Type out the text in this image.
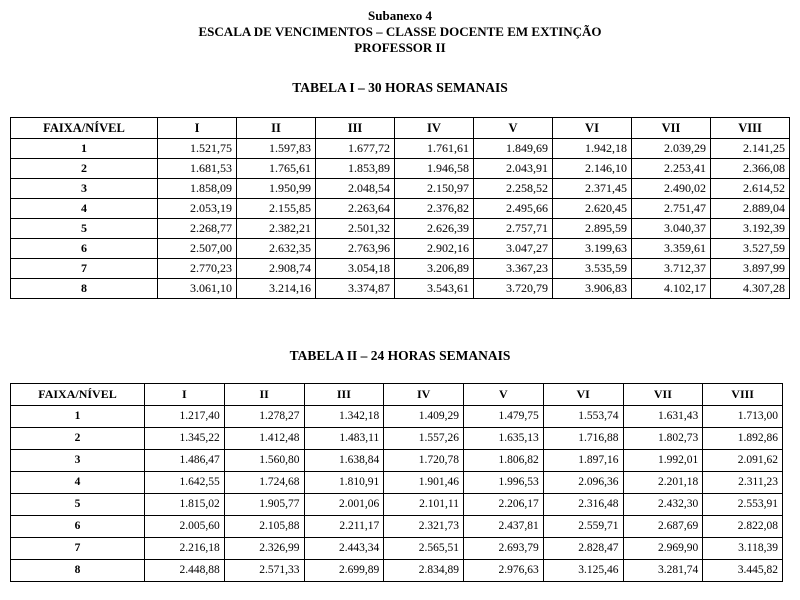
Subanexo 4
ESCALA DE VENCIMENTOS – CLASSE DOCENTE EM EXTINÇÃO
PROFESSOR II
TABELA I – 30 HORAS SEMANAIS
FAIXA/NÍVEL	I	II	III	IV	V	VI	VII	VIII
1	1.521,75	1.597,83	1.677,72	1.761,61	1.849,69	1.942,18	2.039,29	2.141,25
2	1.681,53	1.765,61	1.853,89	1.946,58	2.043,91	2.146,10	2.253,41	2.366,08
3	1.858,09	1.950,99	2.048,54	2.150,97	2.258,52	2.371,45	2.490,02	2.614,52
4	2.053,19	2.155,85	2.263,64	2.376,82	2.495,66	2.620,45	2.751,47	2.889,04
5	2.268,77	2.382,21	2.501,32	2.626,39	2.757,71	2.895,59	3.040,37	3.192,39
6	2.507,00	2.632,35	2.763,96	2.902,16	3.047,27	3.199,63	3.359,61	3.527,59
7	2.770,23	2.908,74	3.054,18	3.206,89	3.367,23	3.535,59	3.712,37	3.897,99
8	3.061,10	3.214,16	3.374,87	3.543,61	3.720,79	3.906,83	4.102,17	4.307,28
TABELA II – 24 HORAS SEMANAIS
FAIXA/NÍVEL	I	II	III	IV	V	VI	VII	VIII
1	1.217,40	1.278,27	1.342,18	1.409,29	1.479,75	1.553,74	1.631,43	1.713,00
2	1.345,22	1.412,48	1.483,11	1.557,26	1.635,13	1.716,88	1.802,73	1.892,86
3	1.486,47	1.560,80	1.638,84	1.720,78	1.806,82	1.897,16	1.992,01	2.091,62
4	1.642,55	1.724,68	1.810,91	1.901,46	1.996,53	2.096,36	2.201,18	2.311,23
5	1.815,02	1.905,77	2.001,06	2.101,11	2.206,17	2.316,48	2.432,30	2.553,91
6	2.005,60	2.105,88	2.211,17	2.321,73	2.437,81	2.559,71	2.687,69	2.822,08
7	2.216,18	2.326,99	2.443,34	2.565,51	2.693,79	2.828,47	2.969,90	3.118,39
8	2.448,88	2.571,33	2.699,89	2.834,89	2.976,63	3.125,46	3.281,74	3.445,82
